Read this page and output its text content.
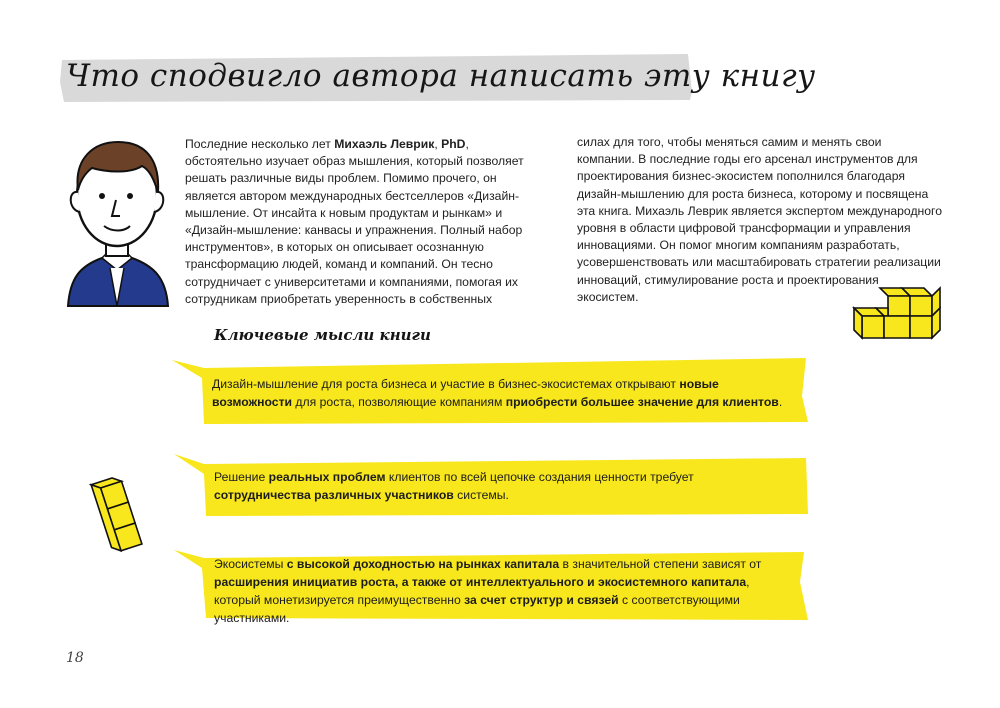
Что сподвигло автора написать эту книгу
Последние несколько лет Михаэль Леврик, PhD, обстоятельно изучает образ мышления, который позволяет решать различные виды проблем. Помимо прочего, он является автором международных бестселлеров «Дизайн-мышление. От инсайта к новым продуктам и рынкам» и «Дизайн-мышление: канвасы и упражнения. Полный набор инструментов», в которых он описывает осознанную трансформацию людей, команд и компаний. Он тесно сотрудничает с университетами и компаниями, помогая их сотрудникам приобретать уверенность в собственных
силах для того, чтобы меняться самим и менять свои компании. В последние годы его арсенал инструментов для проектирования бизнес-экосистем пополнился благодаря дизайн-мышлению для роста бизнеса, которому и посвящена эта книга. Михаэль Леврик является экспертом международного уровня в области цифровой трансформации и управления инновациями. Он помог многим компаниям разработать, усовершенствовать или масштабировать стратегии реализации инноваций, стимулирование роста и проектирования экосистем.
Ключевые мысли книги
Дизайн-мышление для роста бизнеса и участие в бизнес-экосистемах открывают новые возможности для роста, позволяющие компаниям приобрести большее значение для клиентов.
Решение реальных проблем клиентов по всей цепочке создания ценности требует сотрудничества различных участников системы.
Экосистемы с высокой доходностью на рынках капитала в значительной степени зависят от расширения инициатив роста, а также от интеллектуального и экосистемного капитала, который монетизируется преимущественно за счет структур и связей с соответствующими участниками.
18
